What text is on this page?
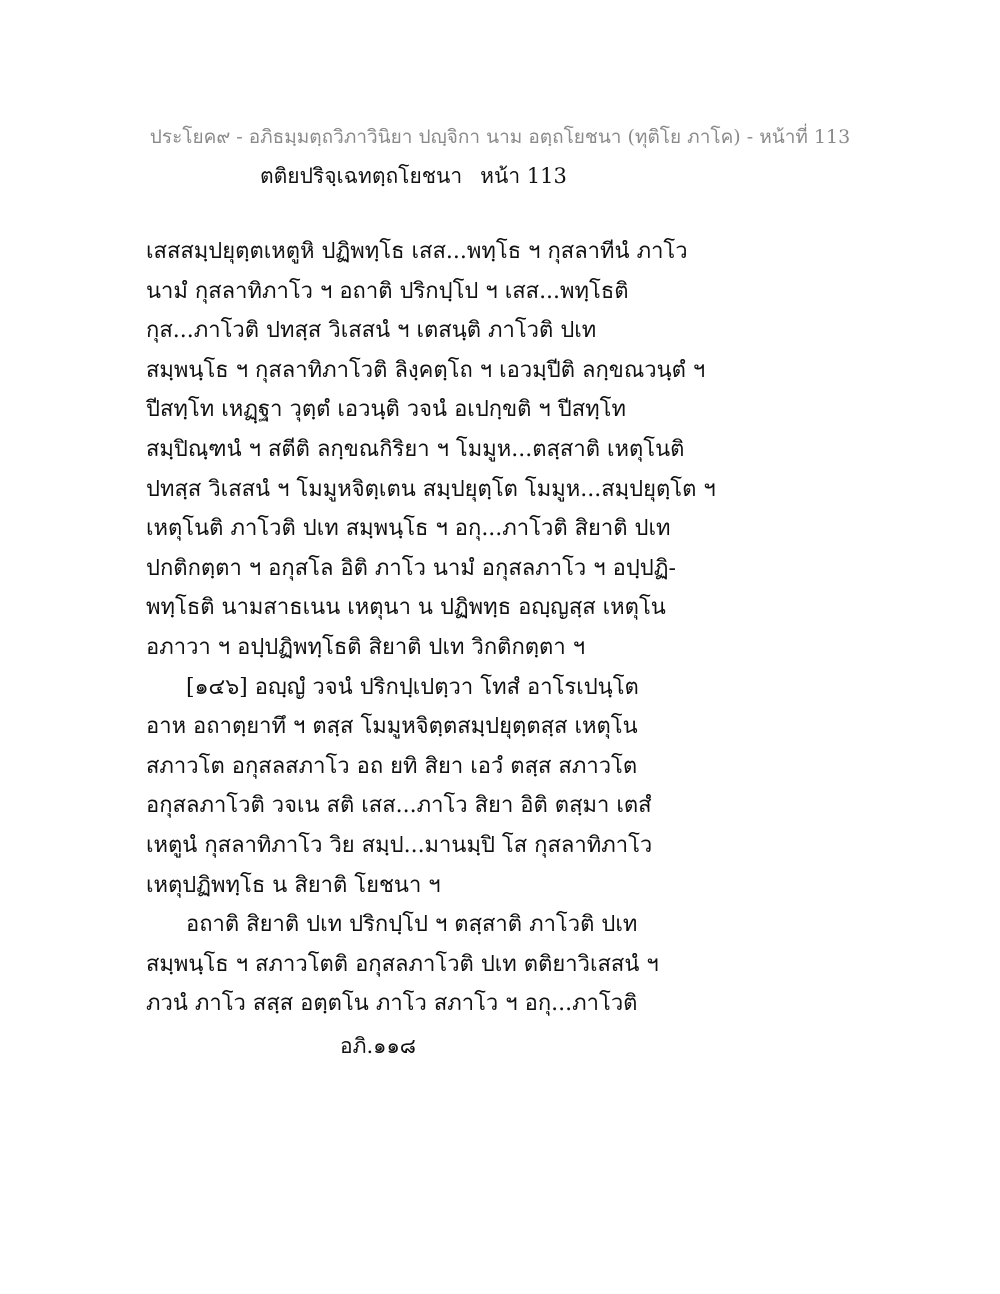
ประโยค๙ - อภิธมฺมตฺถวิภาวินิยา ปญฺจิกา นาม อตฺถโยชนา (ทุติโย ภาโค) - หน้าที่ 113
ตติยปริจฺเฉทตฺถโยชนา หน้า 113
เสสสมฺปยุตฺตเหตูหิ ปฏิพทฺโธ เสส...พทฺโธ ฯ กุสลาทีนํ ภาโว
นามํ กุสลาทิภาโว ฯ อถาติ ปริกปฺโป ฯ เสส...พทฺโธติ
กุส...ภาโวติ ปทสฺส วิเสสนํ ฯ เตสนฺติ ภาโวติ ปเท
สมฺพนฺโธ ฯ กุสลาทิภาโวติ ลิงฺคตฺโถ ฯ เอวมฺปีติ ลกฺขณวนฺตํ ฯ
ปีสทฺโท เหฏฺฐา วุตฺตํ เอวนฺติ วจนํ อเปกฺขติ ฯ ปีสทฺโท
สมฺปิณฺฑนํ ฯ สตีติ ลกฺขณกิริยา ฯ โมมูห...ตสฺสาติ เหตุโนติ
ปทสฺส วิเสสนํ ฯ โมมูหจิตฺเตน สมฺปยุตฺโต โมมูห...สมฺปยุตฺโต ฯ
เหตุโนติ ภาโวติ ปเท สมฺพนฺโธ ฯ อกุ...ภาโวติ สิยาติ ปเท
ปกติกตฺตา ฯ อกุสโล อิติ ภาโว นามํ อกุสลภาโว ฯ อปฺปฏิ-
พทฺโธติ นามสาธเนน เหตุนา น ปฏิพทฺธ อญฺญสฺส เหตุโน
อภาวา ฯ อปฺปฏิพทฺโธติ สิยาติ ปเท วิกติกตฺตา ฯ
[๑๔๖] อญฺญํ วจนํ ปริกปฺเปตฺวา โทสํ อาโรเปนฺโต
อาห อถาตฺยาทึ ฯ ตสฺส โมมูหจิตฺตสมฺปยุตฺตสฺส เหตุโน
สภาวโต อกุสลสภาโว อถ ยทิ สิยา เอวํ ตสฺส สภาวโต
อกุสลภาโวติ วจเน สติ เสส...ภาโว สิยา อิติ ตสฺมา เตสํ
เหตูนํ กุสลาทิภาโว วิย สมฺป...มานมฺปิ โส กุสลาทิภาโว
เหตุปฏิพทฺโธ น สิยาติ โยชนา ฯ
อถาติ สิยาติ ปเท ปริกปฺโป ฯ ตสฺสาติ ภาโวติ ปเท
สมฺพนฺโธ ฯ สภาวโตติ อกุสลภาโวติ ปเท ตติยาวิเสสนํ ฯ
ภวนํ ภาโว สสฺส อตฺตโน ภาโว สภาโว ฯ อกุ...ภาโวติ
อภิ.๑๑๘
